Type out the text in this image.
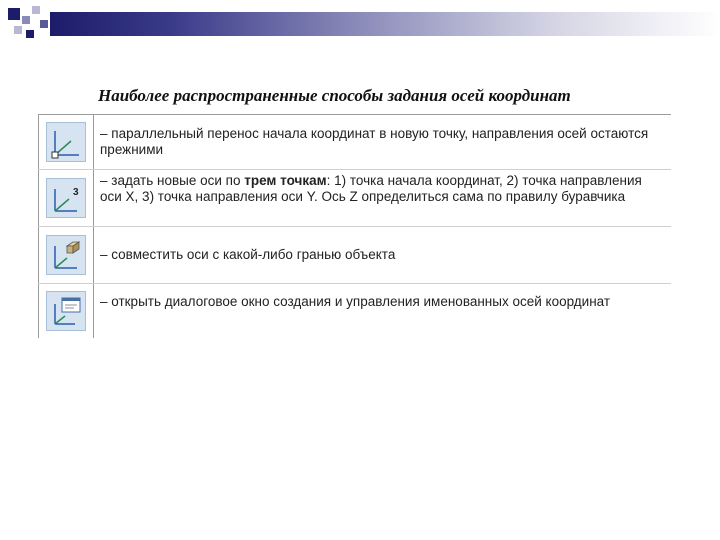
Наиболее распространенные способы задания осей координат
– параллельный перенос начала координат в новую точку, направления осей остаются прежними
3
– задать новые оси по трем точкам: 1) точка начала координат, 2) точка направления оси X, 3) точка направления оси Y. Ось Z определиться сама по правилу буравчика
– совместить оси с какой-либо гранью объекта
– открыть диалоговое окно создания и управления именованных осей координат
